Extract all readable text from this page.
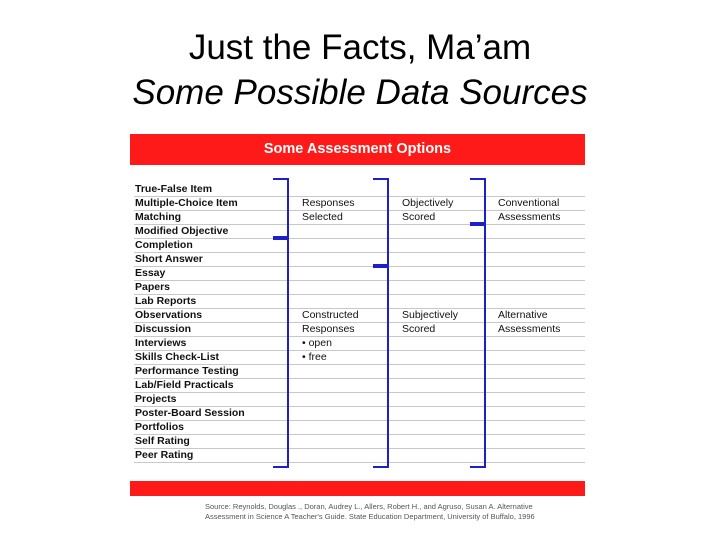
Just the Facts, Ma’am
Some Possible Data Sources
Some Assessment Options
True-False Item
Multiple-Choice Item	Responses	Objectively	Conventional
Matching	Selected	Scored	Assessments
Modified Objective
Completion
Short Answer
Essay
Papers
Lab Reports
Observations	Constructed	Subjectively	Alternative
Discussion	Responses	Scored	Assessments
Interviews	• open
Skills Check-List	• free
Performance Testing
Lab/Field Practicals
Projects
Poster-Board Session
Portfolios
Self Rating
Peer Rating
Source: Reynolds, Douglas ., Doran, Audrey L., Allers, Robert H., and Agruso, Susan A. Alternative
Assessment in Science A Teacher's Guide. State Education Department, University of Buffalo, 1996
